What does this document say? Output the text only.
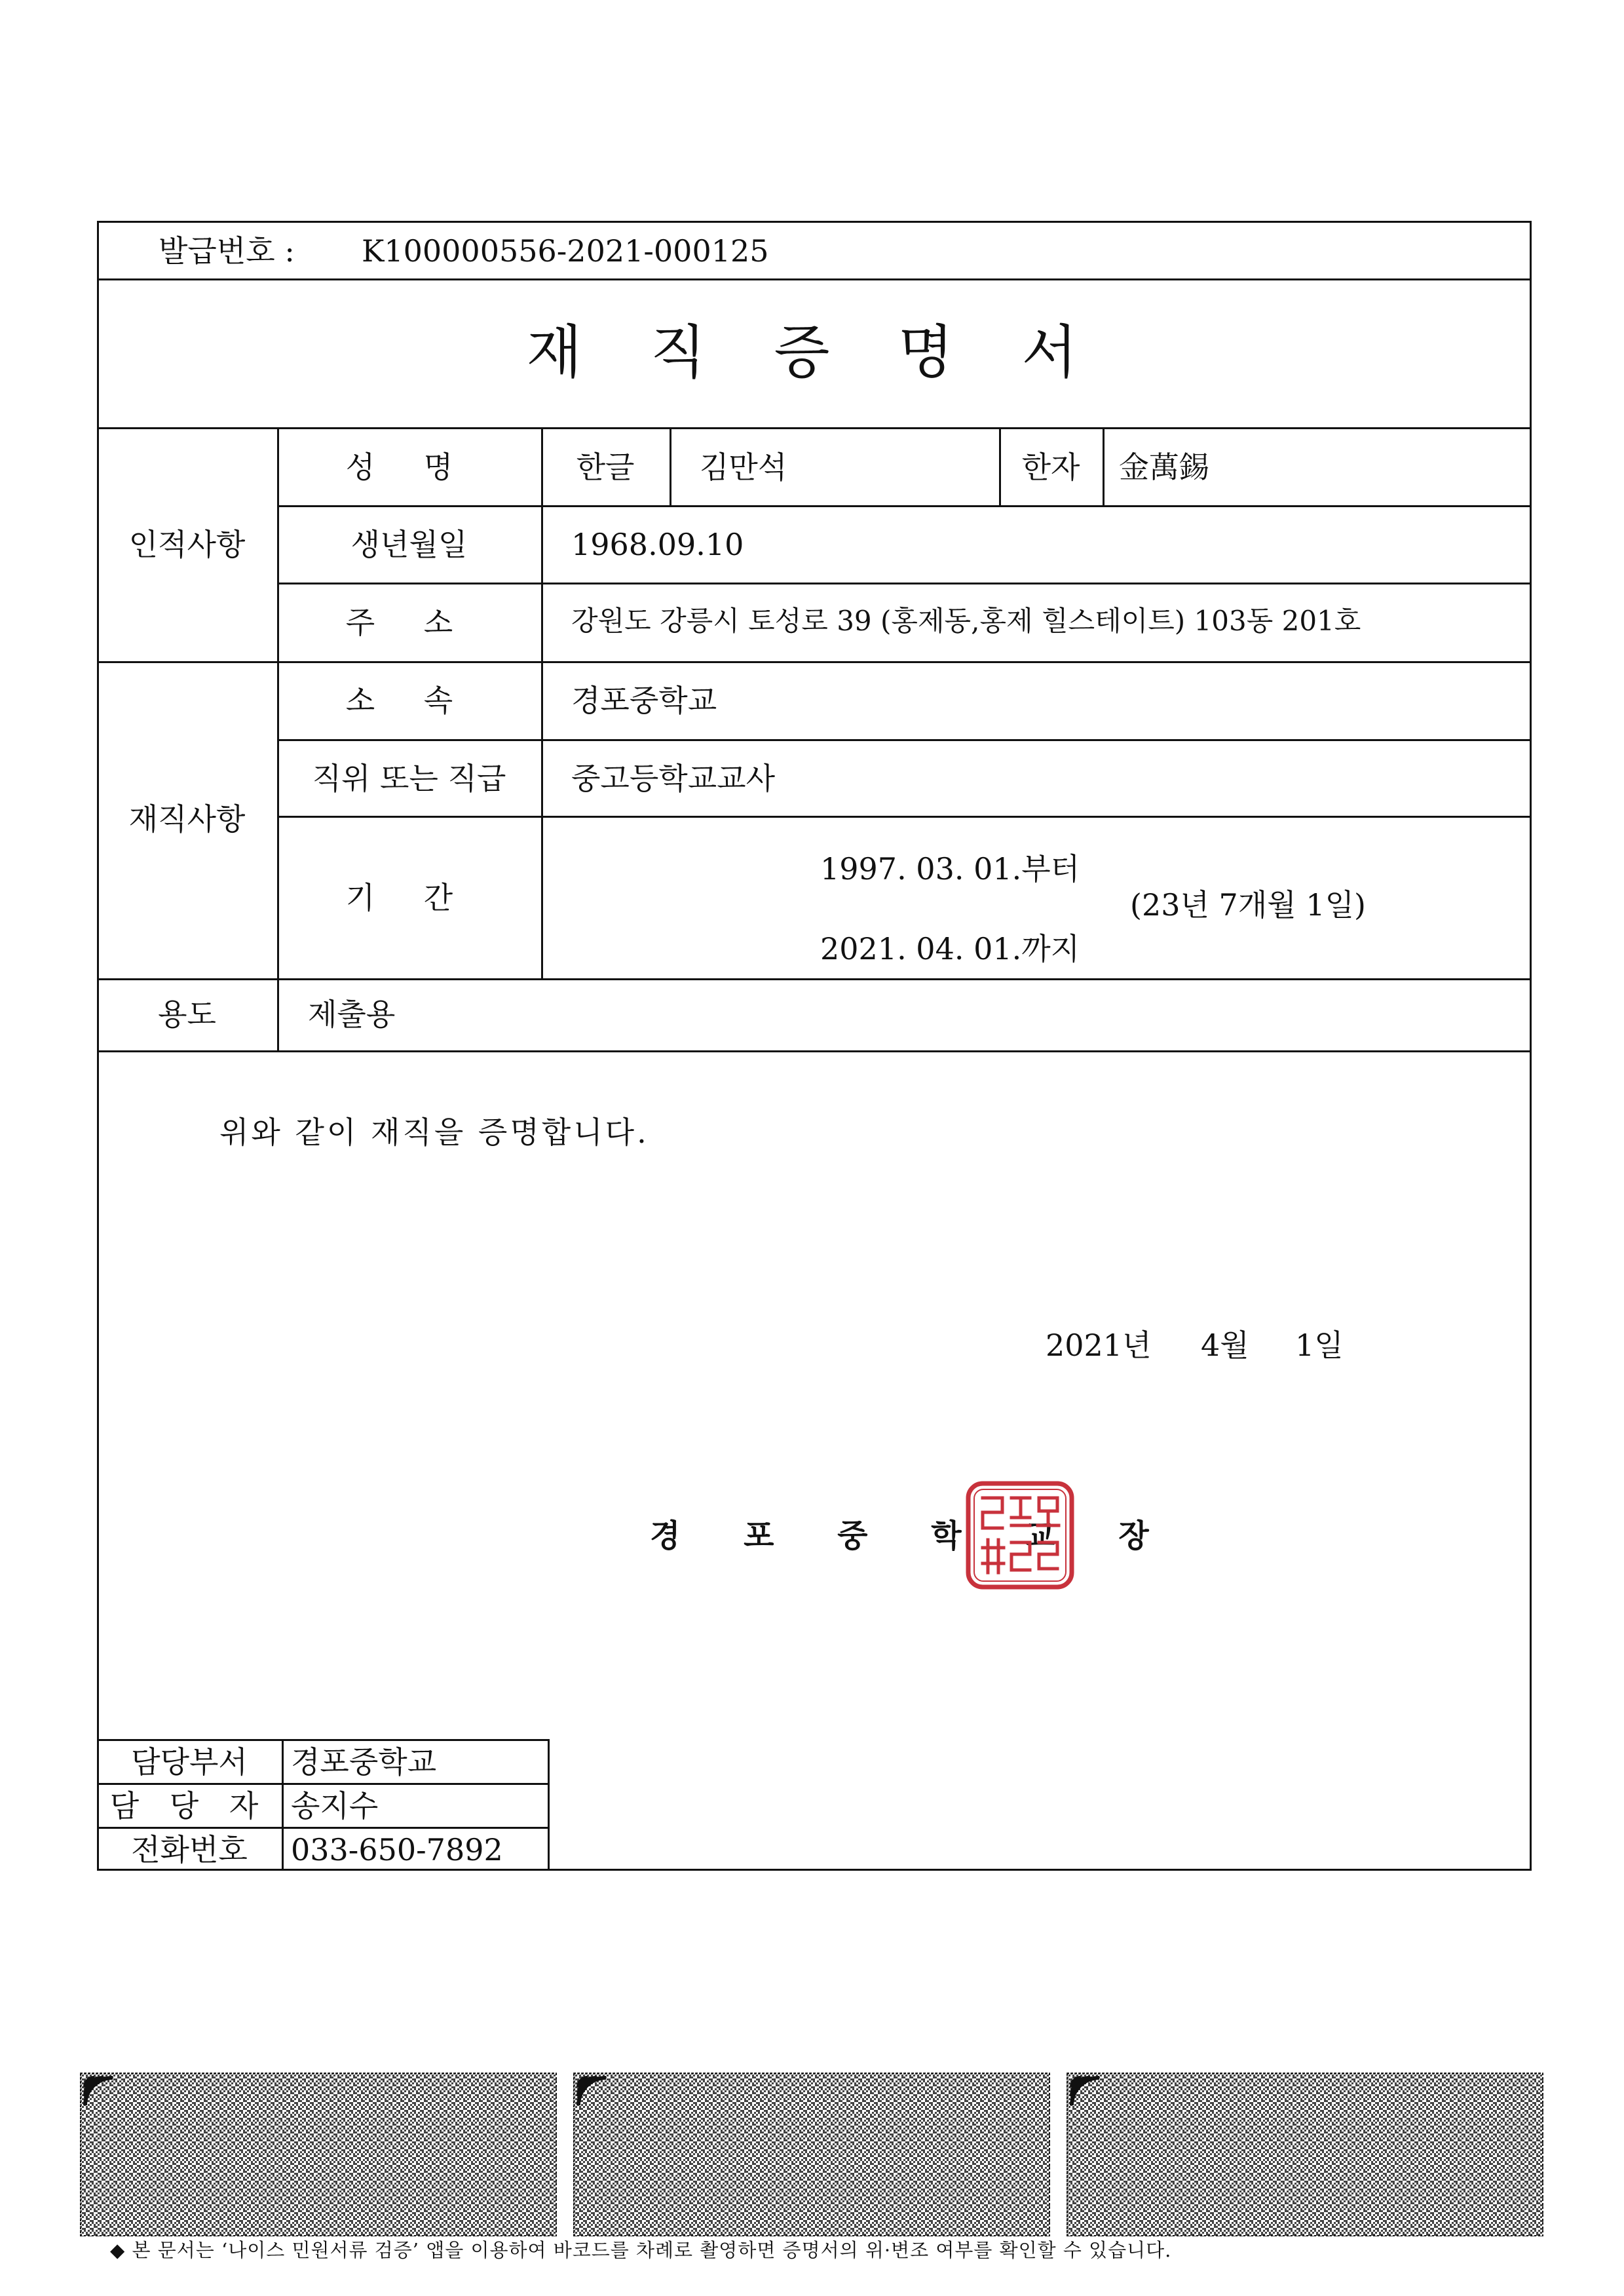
발급번호 : K100000556-2021-000125
재 직 증 명 서
인적사항
성 명	한글	김만석	한자	金萬錫
생년월일	1968.09.10
주 소	강원도 강릉시 토성로 39 (홍제동,홍제 힐스테이트) 103동 201호
재직사항
소 속	경포중학교
직위 또는 직급	중고등학교교사
기 간
1997. 03. 01.부터
(23년 7개월 1일)
2021. 04. 01.까지
용도	제출용
위와 같이 재직을 증명합니다.
2021년 4월 1일
경 포 중 학 교 장
담당부서	경포중학교
담 당 자 송지수
전화번호	033-650-7892
◆ 본 문서는 ‘나이스 민원서류 검증’ 앱을 이용하여 바코드를 차례로 촬영하면 증명서의 위·변조 여부를 확인할 수 있습니다.
